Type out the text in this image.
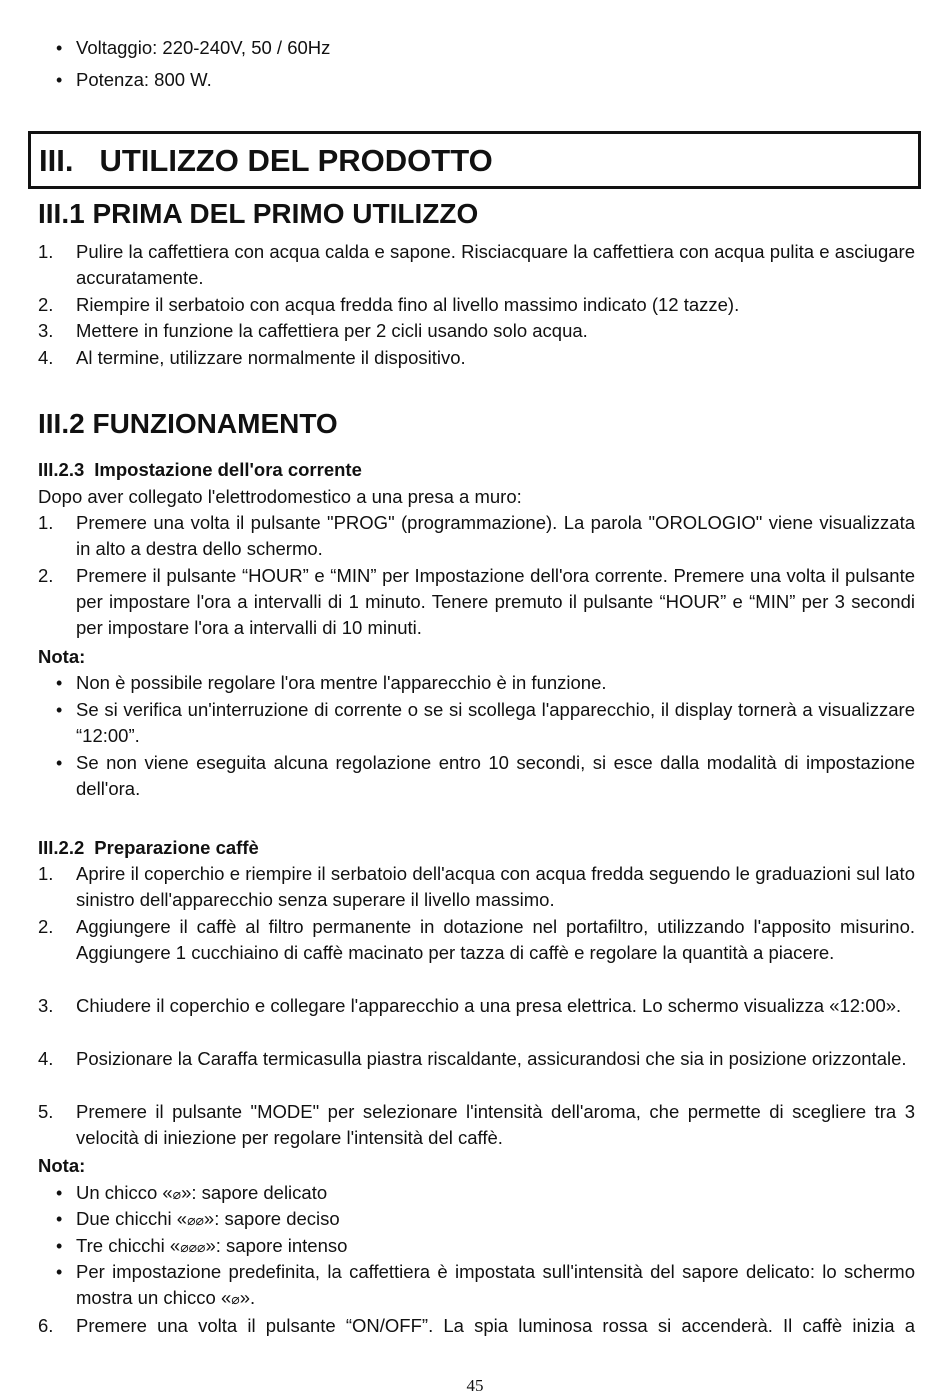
• Voltaggio: 220-240V, 50 / 60Hz
• Potenza: 800 W.
III. UTILIZZO DEL PRODOTTO
III.1 PRIMA DEL PRIMO UTILIZZO
1. Pulire la caffettiera con acqua calda e sapone. Risciacquare la caffettiera con acqua pulita e asciugare accuratamente.
2. Riempire il serbatoio con acqua fredda fino al livello massimo indicato (12 tazze).
3. Mettere in funzione la caffettiera per 2 cicli usando solo acqua.
4. Al termine, utilizzare normalmente il dispositivo.
III.2 FUNZIONAMENTO
III.2.3 Impostazione dell'ora corrente
Dopo aver collegato l'elettrodomestico a una presa a muro:
1. Premere una volta il pulsante "PROG" (programmazione). La parola "OROLOGIO" viene visualizzata in alto a destra dello schermo.
2. Premere il pulsante “HOUR” e “MIN” per Impostazione dell'ora corrente. Premere una volta il pulsante per impostare l'ora a intervalli di 1 minuto. Tenere premuto il pulsante “HOUR” e “MIN” per 3 secondi per impostare l'ora a intervalli di 10 minuti.
Nota:
• Non è possibile regolare l'ora mentre l'apparecchio è in funzione.
• Se si verifica un'interruzione di corrente o se si scollega l'apparecchio, il display tornerà a visualizzare “12:00”.
• Se non viene eseguita alcuna regolazione entro 10 secondi, si esce dalla modalità di impostazione dell'ora.
III.2.2 Preparazione caffè
1. Aprire il coperchio e riempire il serbatoio dell'acqua con acqua fredda seguendo le graduazioni sul lato sinistro dell'apparecchio senza superare il livello massimo.
2. Aggiungere il caffè al filtro permanente in dotazione nel portafiltro, utilizzando l'apposito misurino. Aggiungere 1 cucchiaino di caffè macinato per tazza di caffè e regolare la quantità a piacere.
3. Chiudere il coperchio e collegare l'apparecchio a una presa elettrica. Lo schermo visualizza «12:00».
4. Posizionare la Caraffa termicasulla piastra riscaldante, assicurandosi che sia in posizione orizzontale.
5. Premere il pulsante "MODE" per selezionare l'intensità dell'aroma, che permette di scegliere tra 3 velocità di iniezione per regolare l'intensità del caffè.
Nota:
• Un chicco «⌀»: sapore delicato
• Due chicchi «⌀⌀»: sapore deciso
• Tre chicchi «⌀⌀⌀»: sapore intenso
• Per impostazione predefinita, la caffettiera è impostata sull'intensità del sapore delicato: lo schermo mostra un chicco «⌀».
6. Premere una volta il pulsante “ON/OFF”. La spia luminosa rossa si accenderà. Il caffè inizia a
45
